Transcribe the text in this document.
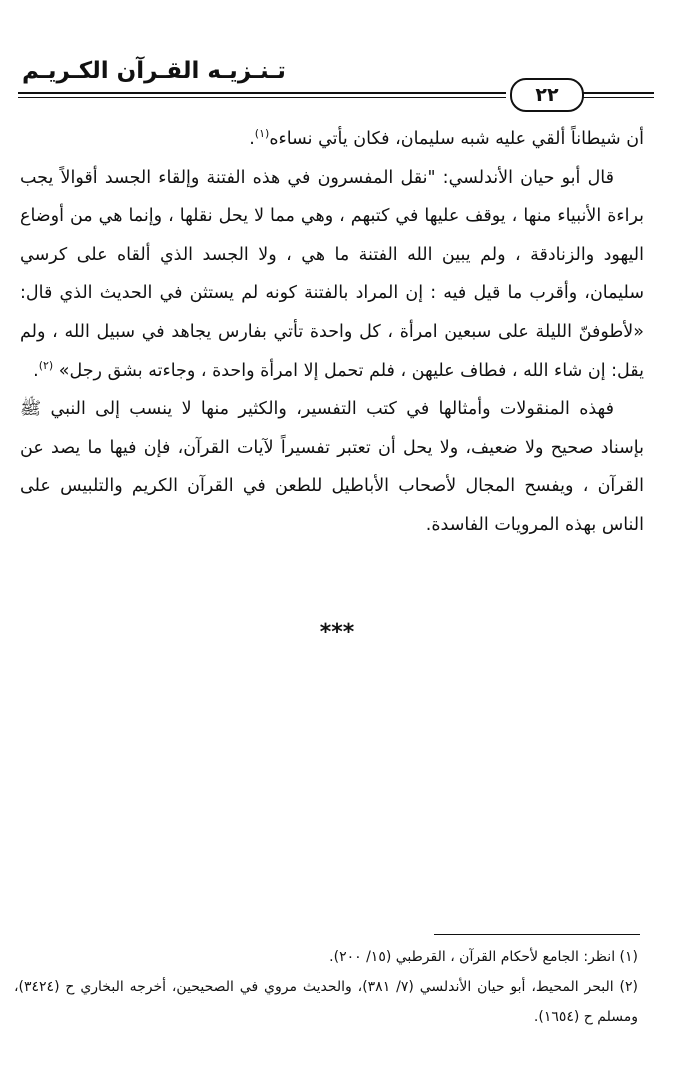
تـنـزيـه القـرآن الكـريـم
٢٢

أن شيطاناً ألقي عليه شبه سليمان، فكان يأتي نساءه$^{(١)}$.

قال أبو حيان الأندلسي: "نقل المفسرون في هذه الفتنة وإلقاء الجسد أقوالاً يجب براءة الأنبياء منها ، يوقف عليها في كتبهم ، وهي مما لا يحل نقلها ، وإنما هي من أوضاع اليهود والزنادقة ، ولم يبين الله الفتنة ما هي ، ولا الجسد الذي ألقاه على كرسي سليمان، وأقرب ما قيل فيه : إن المراد بالفتنة كونه لم يستثن في الحديث الذي قال: «لأطوفنّ الليلة على سبعين امرأة ، كل واحدة تأتي بفارس يجاهد في سبيل الله ، ولم يقل: إن شاء الله ، فطاف عليهن ، فلم تحمل إلا امرأة واحدة ، وجاءته بشق رجل» $^{(٢)}$.

فهذه المنقولات وأمثالها في كتب التفسير، والكثير منها لا ينسب إلى النبي ﷺ بإسناد صحيح ولا ضعيف، ولا يحل أن تعتبر تفسيراً لآيات القرآن، فإن فيها ما يصد عن القرآن ، ويفسح المجال لأصحاب الأباطيل للطعن في القرآن الكريم والتلبيس على الناس بهذه المرويات الفاسدة.

***

(١) انظر: الجامع لأحكام القرآن ، القرطبي (١٥/ ٢٠٠).

(٢) البحر المحيط، أبو حيان الأندلسي (٧/ ٣٨١)، والحديث مروي في الصحيحين، أخرجه البخاري ح (٣٤٢٤)، ومسلم ح (١٦٥٤).
